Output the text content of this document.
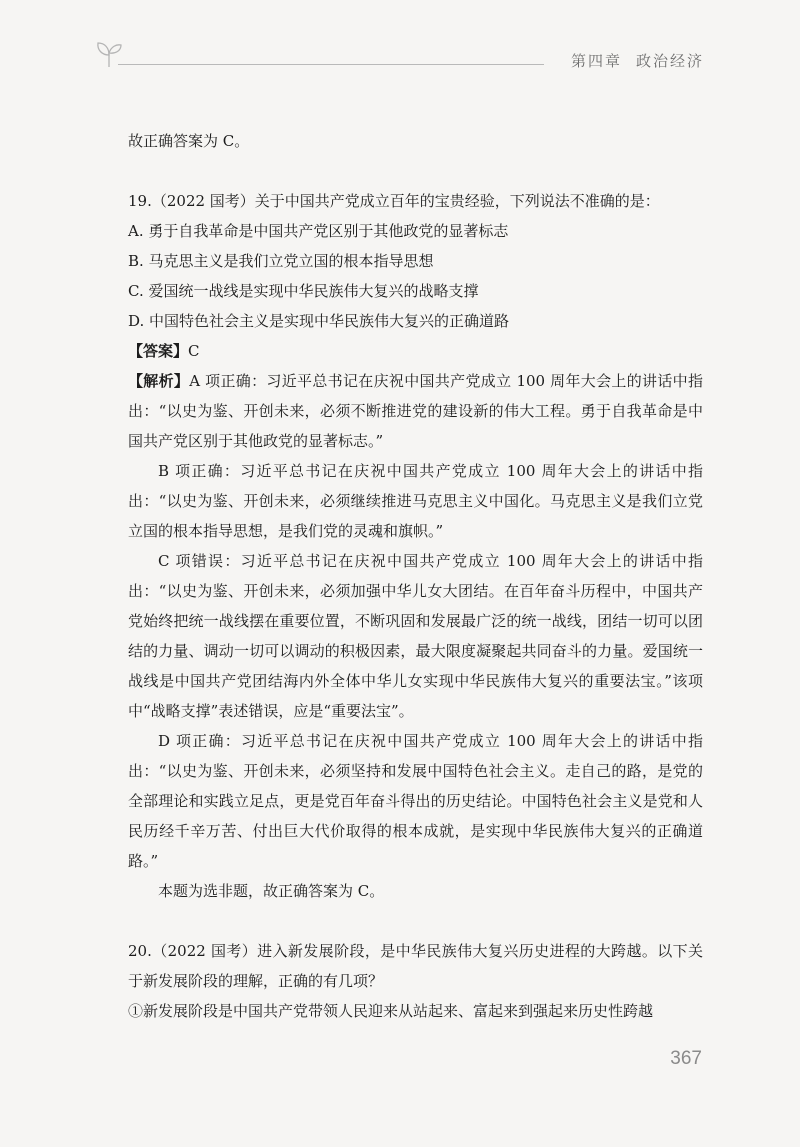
第四章 政治经济

故正确答案为 C。

19.（2022 国考）关于中国共产党成立百年的宝贵经验，下列说法不准确的是：

A. 勇于自我革命是中国共产党区别于其他政党的显著标志

B. 马克思主义是我们立党立国的根本指导思想

C. 爱国统一战线是实现中华民族伟大复兴的战略支撑

D. 中国特色社会主义是实现中华民族伟大复兴的正确道路

【答案】C

【解析】A 项正确：习近平总书记在庆祝中国共产党成立 100 周年大会上的讲话中指出：“以史为鉴、开创未来，必须不断推进党的建设新的伟大工程。勇于自我革命是中国共产党区别于其他政党的显著标志。”

B 项正确：习近平总书记在庆祝中国共产党成立 100 周年大会上的讲话中指出：“以史为鉴、开创未来，必须继续推进马克思主义中国化。马克思主义是我们立党立国的根本指导思想，是我们党的灵魂和旗帜。”

C 项错误：习近平总书记在庆祝中国共产党成立 100 周年大会上的讲话中指出：“以史为鉴、开创未来，必须加强中华儿女大团结。在百年奋斗历程中，中国共产党始终把统一战线摆在重要位置，不断巩固和发展最广泛的统一战线，团结一切可以团结的力量、调动一切可以调动的积极因素，最大限度凝聚起共同奋斗的力量。爱国统一战线是中国共产党团结海内外全体中华儿女实现中华民族伟大复兴的重要法宝。”该项中“战略支撑”表述错误，应是“重要法宝”。

D 项正确：习近平总书记在庆祝中国共产党成立 100 周年大会上的讲话中指出：“以史为鉴、开创未来，必须坚持和发展中国特色社会主义。走自己的路，是党的全部理论和实践立足点，更是党百年奋斗得出的历史结论。中国特色社会主义是党和人民历经千辛万苦、付出巨大代价取得的根本成就，是实现中华民族伟大复兴的正确道路。”

本题为选非题，故正确答案为 C。

20.（2022 国考）进入新发展阶段，是中华民族伟大复兴历史进程的大跨越。以下关于新发展阶段的理解，正确的有几项？

①新发展阶段是中国共产党带领人民迎来从站起来、富起来到强起来历史性跨越

367
